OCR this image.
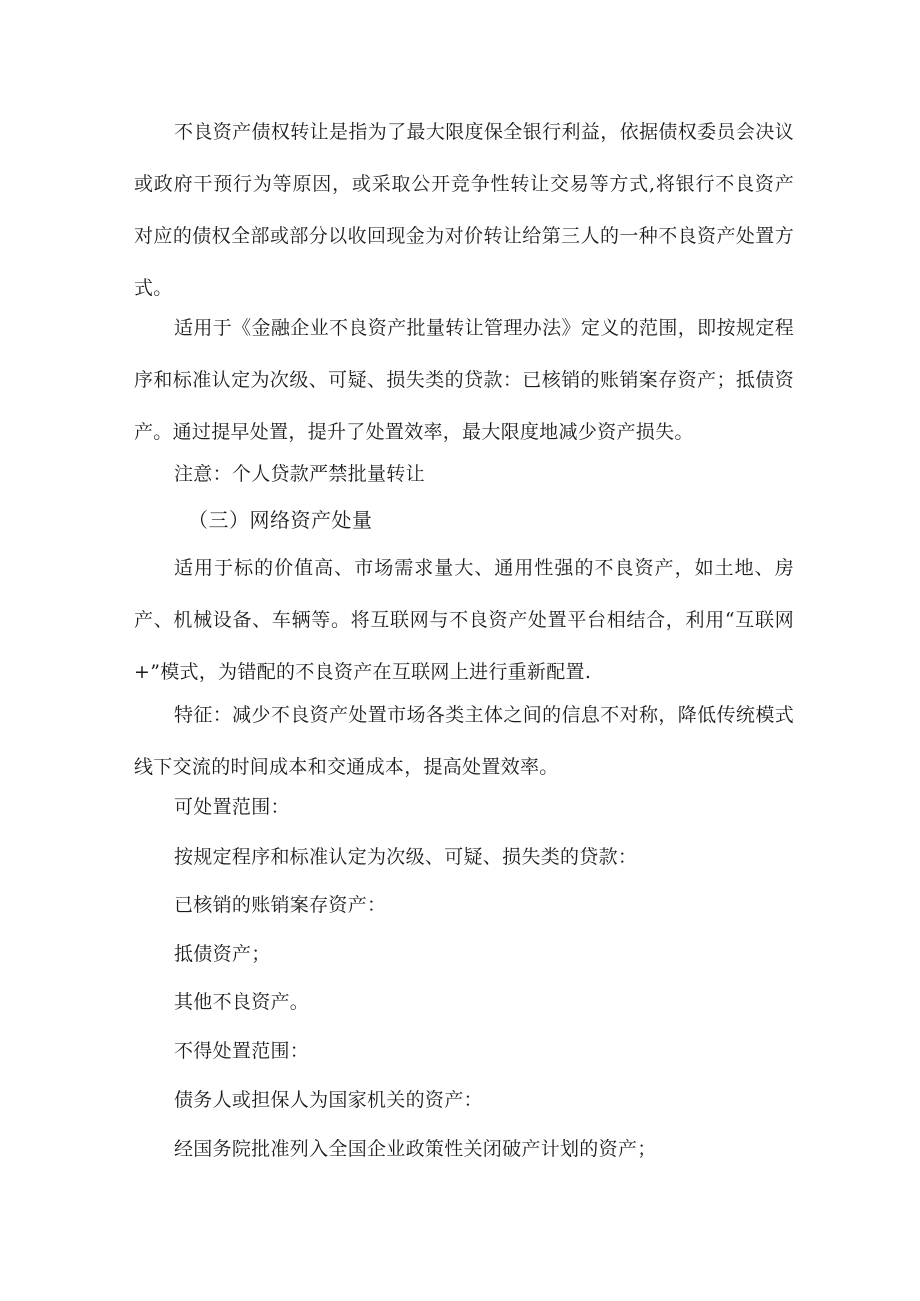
不良资产债权转让是指为了最大限度保全银行利益，依据债权委员会决议或政府干预行为等原因，或采取公开竞争性转让交易等方式,将银行不良资产对应的债权全部或部分以收回现金为对价转让给第三人的一种不良资产处置方式。

适用于《金融企业不良资产批量转让管理办法》定义的范围，即按规定程序和标准认定为次级、可疑、损失类的贷款：已核销的账销案存资产；抵债资产。通过提早处置，提升了处置效率，最大限度地减少资产损失。

注意：个人贷款严禁批量转让

（三）网络资产处量

适用于标的价值高、市场需求量大、通用性强的不良资产，如土地、房产、机械设备、车辆等。将互联网与不良资产处置平台相结合，利用“互联网+”模式，为错配的不良资产在互联网上进行重新配置.

特征：减少不良资产处置市场各类主体之间的信息不对称，降低传统模式线下交流的时间成本和交通成本，提高处置效率。

可处置范围：

按规定程序和标准认定为次级、可疑、损失类的贷款：

已核销的账销案存资产：

抵债资产；

其他不良资产。

不得处置范围：

债务人或担保人为国家机关的资产：

经国务院批准列入全国企业政策性关闭破产计划的资产；
